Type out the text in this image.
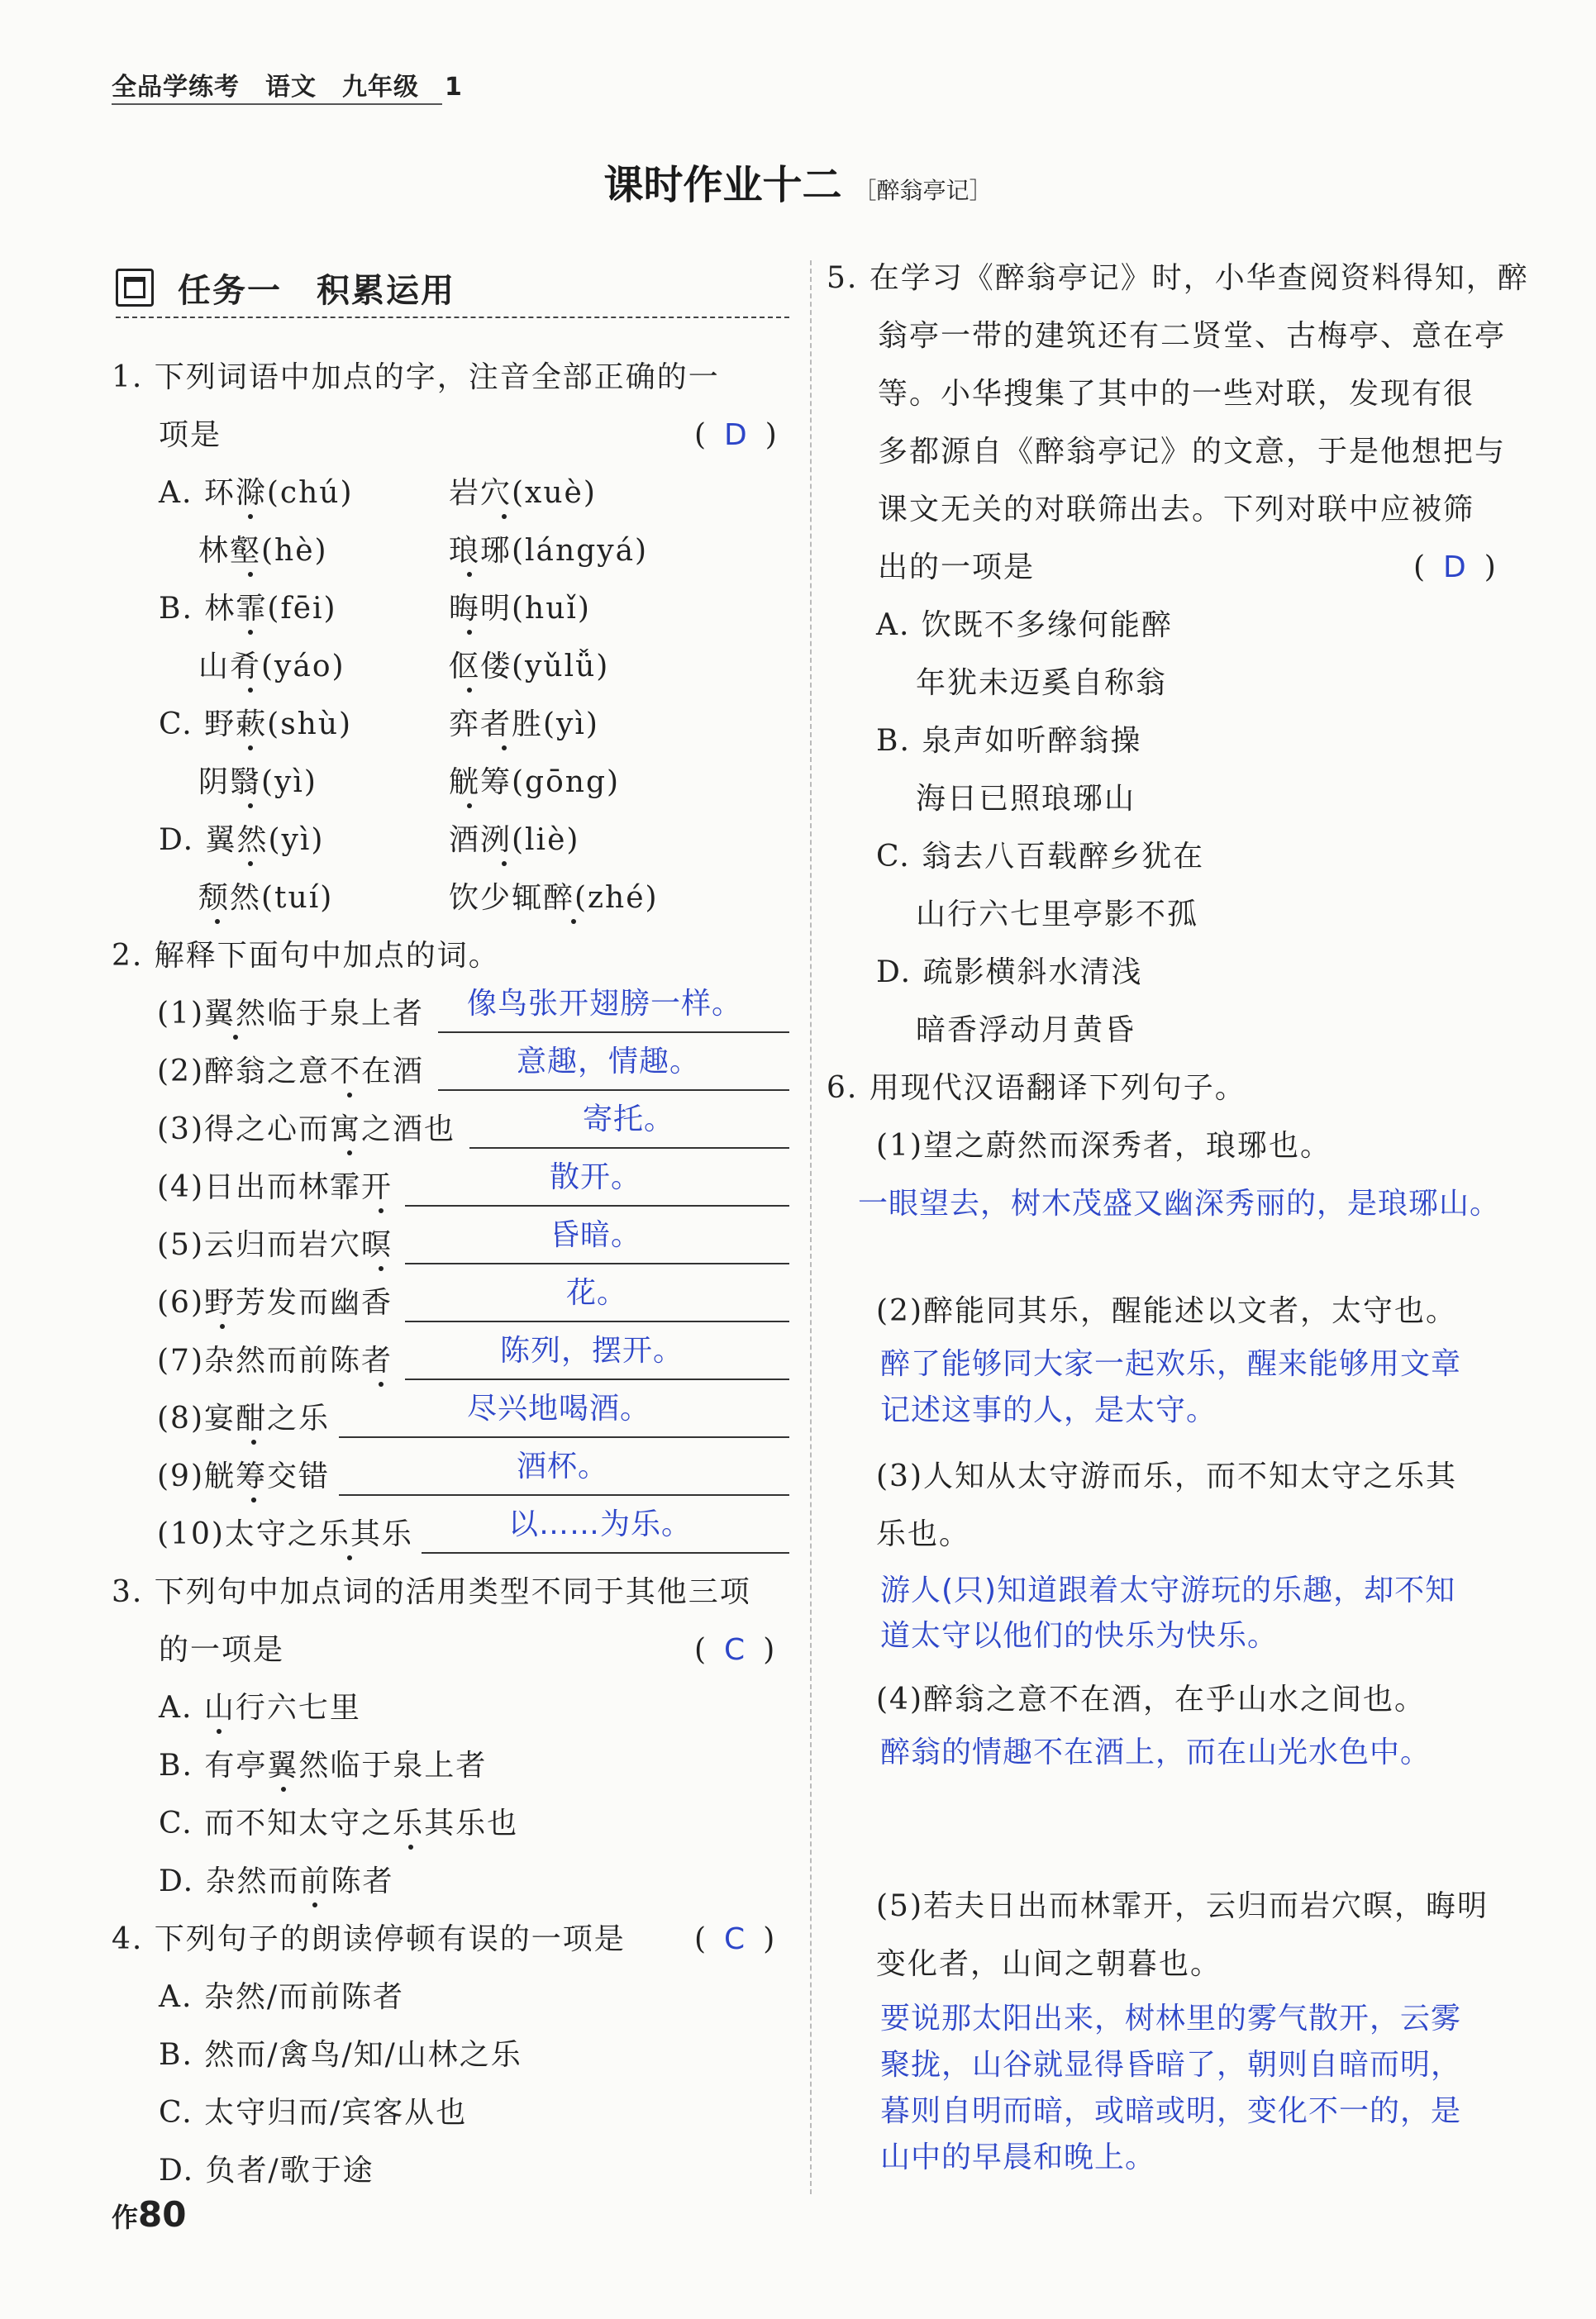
全品学练考　语文　九年级　1
课时作业十二 ［醉翁亭记］
任务一　积累运用
1. 下列词语中加点的字，注音全部正确的一
项是	( D )
A. 环滁(chú)	岩穴(xuè)
林壑(hè)	琅琊(lángyá)
B. 林霏(fēi)	晦明(huǐ)
山肴(yáo)	伛偻(yǔlǚ)
C. 野蔌(shù)	弈者胜(yì)
阴翳(yì)	觥筹(gōng)
D. 翼然(yì)	酒洌(liè)
颓然(tuí)	饮少辄醉(zhé)
2. 解释下面句中加点的词。
(1)翼然临于泉上者 像鸟张开翅膀一样。
(2)醉翁之意不在酒	意趣，情趣。
(3)得之心而寓之酒也	寄托。
(4)日出而林霏开	散开。
(5)云归而岩穴暝	昏暗。
(6)野芳发而幽香	花。
(7)杂然而前陈者	陈列，摆开。
(8)宴酣之乐	尽兴地喝酒。
(9)觥筹交错	酒杯。
(10)太守之乐其乐	以……为乐。
3. 下列句中加点词的活用类型不同于其他三项
的一项是	( C )
A. 山行六七里
B. 有亭翼然临于泉上者
C. 而不知太守之乐其乐也
D. 杂然而前陈者
4. 下列句子的朗读停顿有误的一项是 ( C )
A. 杂然/而前陈者
B. 然而/禽鸟/知/山林之乐
C. 太守归而/宾客从也
D. 负者/歌于途
5. 在学习《醉翁亭记》时，小华查阅资料得知，醉
翁亭一带的建筑还有二贤堂、古梅亭、意在亭
等。小华搜集了其中的一些对联，发现有很
多都源自《醉翁亭记》的文意，于是他想把与
课文无关的对联筛出去。下列对联中应被筛
出的一项是	( D )
A. 饮既不多缘何能醉
年犹未迈奚自称翁
B. 泉声如听醉翁操
海日已照琅琊山
C. 翁去八百载醉乡犹在
山行六七里亭影不孤
D. 疏影横斜水清浅
暗香浮动月黄昏
6. 用现代汉语翻译下列句子。
(1)望之蔚然而深秀者，琅琊也。
一眼望去，树木茂盛又幽深秀丽的，是琅琊山。
(2)醉能同其乐，醒能述以文者，太守也。
醉了能够同大家一起欢乐，醒来能够用文章
记述这事的人，是太守。
(3)人知从太守游而乐，而不知太守之乐其
乐也。
游人(只)知道跟着太守游玩的乐趣，却不知
道太守以他们的快乐为快乐。
(4)醉翁之意不在酒，在乎山水之间也。
醉翁的情趣不在酒上，而在山光水色中。
(5)若夫日出而林霏开，云归而岩穴暝，晦明
变化者，山间之朝暮也。
要说那太阳出来，树林里的雾气散开，云雾
聚拢，山谷就显得昏暗了，朝则自暗而明，
暮则自明而暗，或暗或明，变化不一的，是
山中的早晨和晚上。
作80
